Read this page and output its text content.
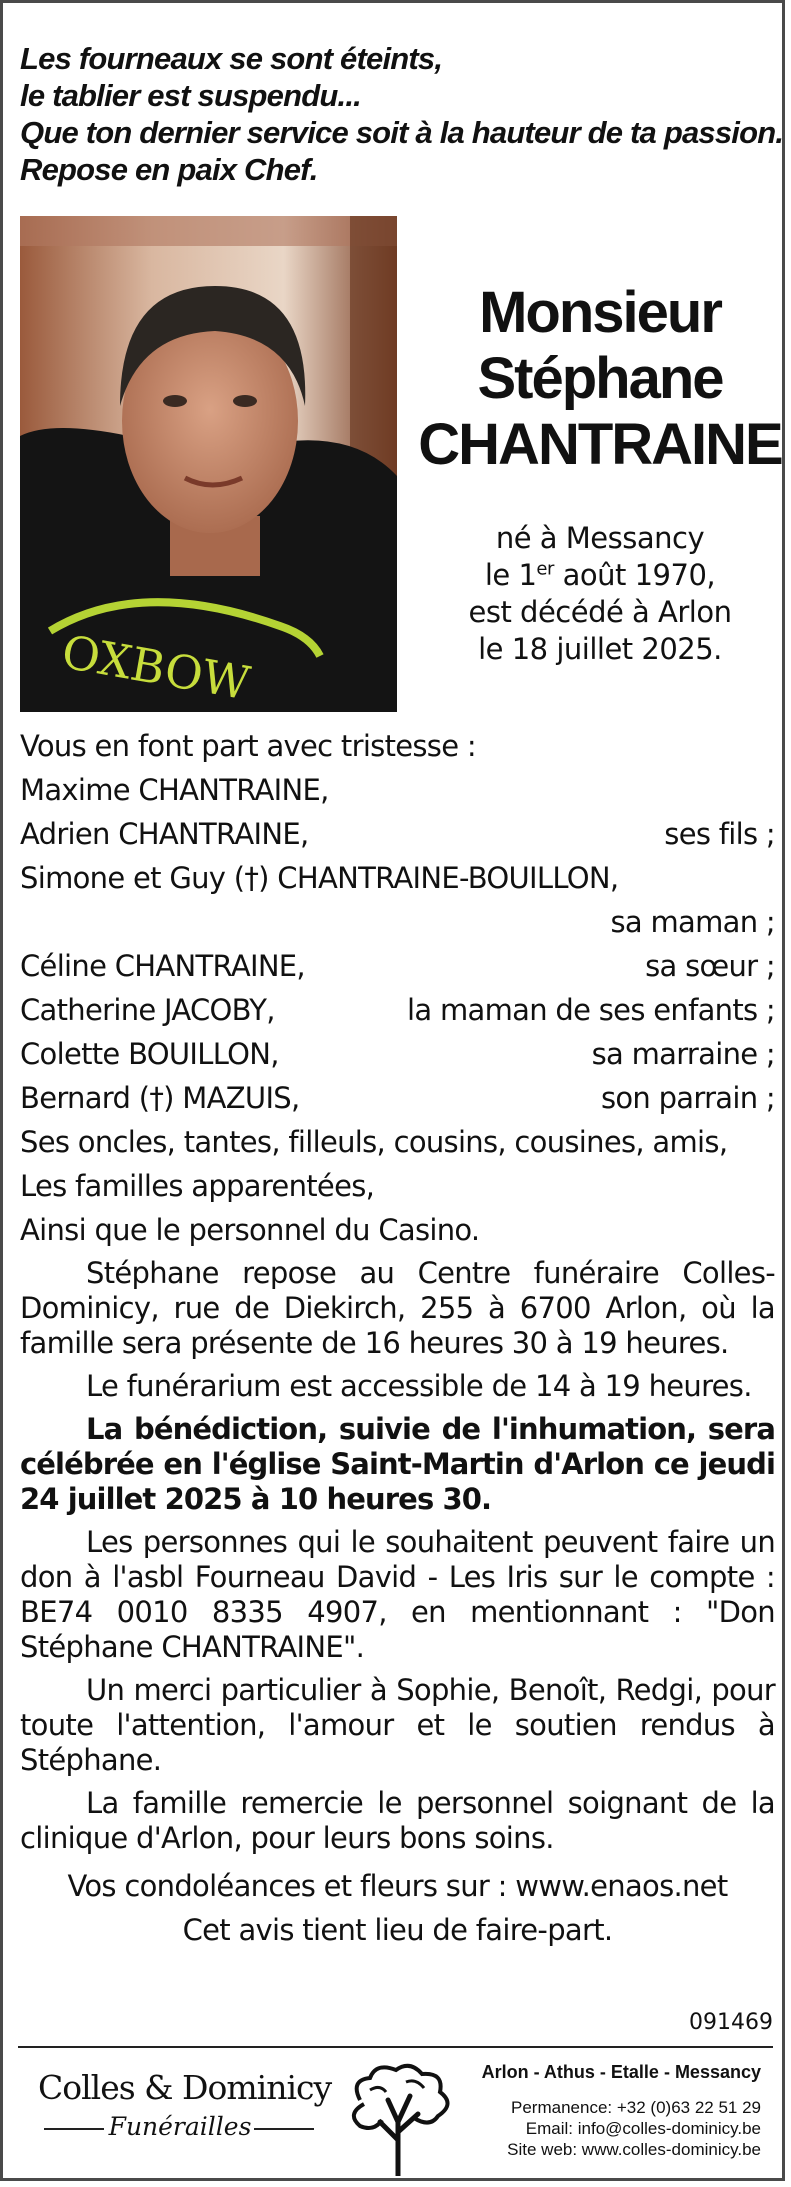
Les fourneaux se sont éteints,
le tablier est suspendu...
Que ton dernier service soit à la hauteur de ta passion.
Repose en paix Chef.
OXBOW
Monsieur
Stéphane
CHANTRAINE
né à Messancy
le 1er août 1970,
est décédé à Arlon
le 18 juillet 2025.
Vous en font part avec tristesse :
Maxime CHANTRAINE,
Adrien CHANTRAINE,	ses fils ;
Simone et Guy (†) CHANTRAINE-BOUILLON,
sa maman ;
Céline CHANTRAINE,	sa sœur ;
Catherine JACOBY,	la maman de ses enfants ;
Colette BOUILLON,	sa marraine ;
Bernard (†) MAZUIS,	son parrain ;
Ses oncles, tantes, filleuls, cousins, cousines, amis,
Les familles apparentées,
Ainsi que le personnel du Casino.

Stéphane repose au Centre funéraire Colles-Dominicy, rue de Diekirch, 255 à 6700 Arlon, où la famille sera présente de 16 heures 30 à 19 heures.

Le funérarium est accessible de 14 à 19 heures.

La bénédiction, suivie de l'inhumation, sera célébrée en l'église Saint-Martin d'Arlon ce jeudi 24 juillet 2025 à 10 heures 30.

Les personnes qui le souhaitent peuvent faire un don à l'asbl Fourneau David - Les Iris sur le compte : BE74 0010 8335 4907, en mentionnant : "Don Stéphane CHANTRAINE".

Un merci particulier à Sophie, Benoît, Redgi, pour toute l'attention, l'amour et le soutien rendus à Stéphane.

La famille remercie le personnel soignant de la clinique d'Arlon, pour leurs bons soins.

Vos condoléances et fleurs sur : www.enaos.net
Cet avis tient lieu de faire-part.
091469
Colles & Dominicy
Funérailles
Arlon - Athus - Etalle - Messancy
Permanence: +32 (0)63 22 51 29
Email: info@colles-dominicy.be
Site web: www.colles-dominicy.be
